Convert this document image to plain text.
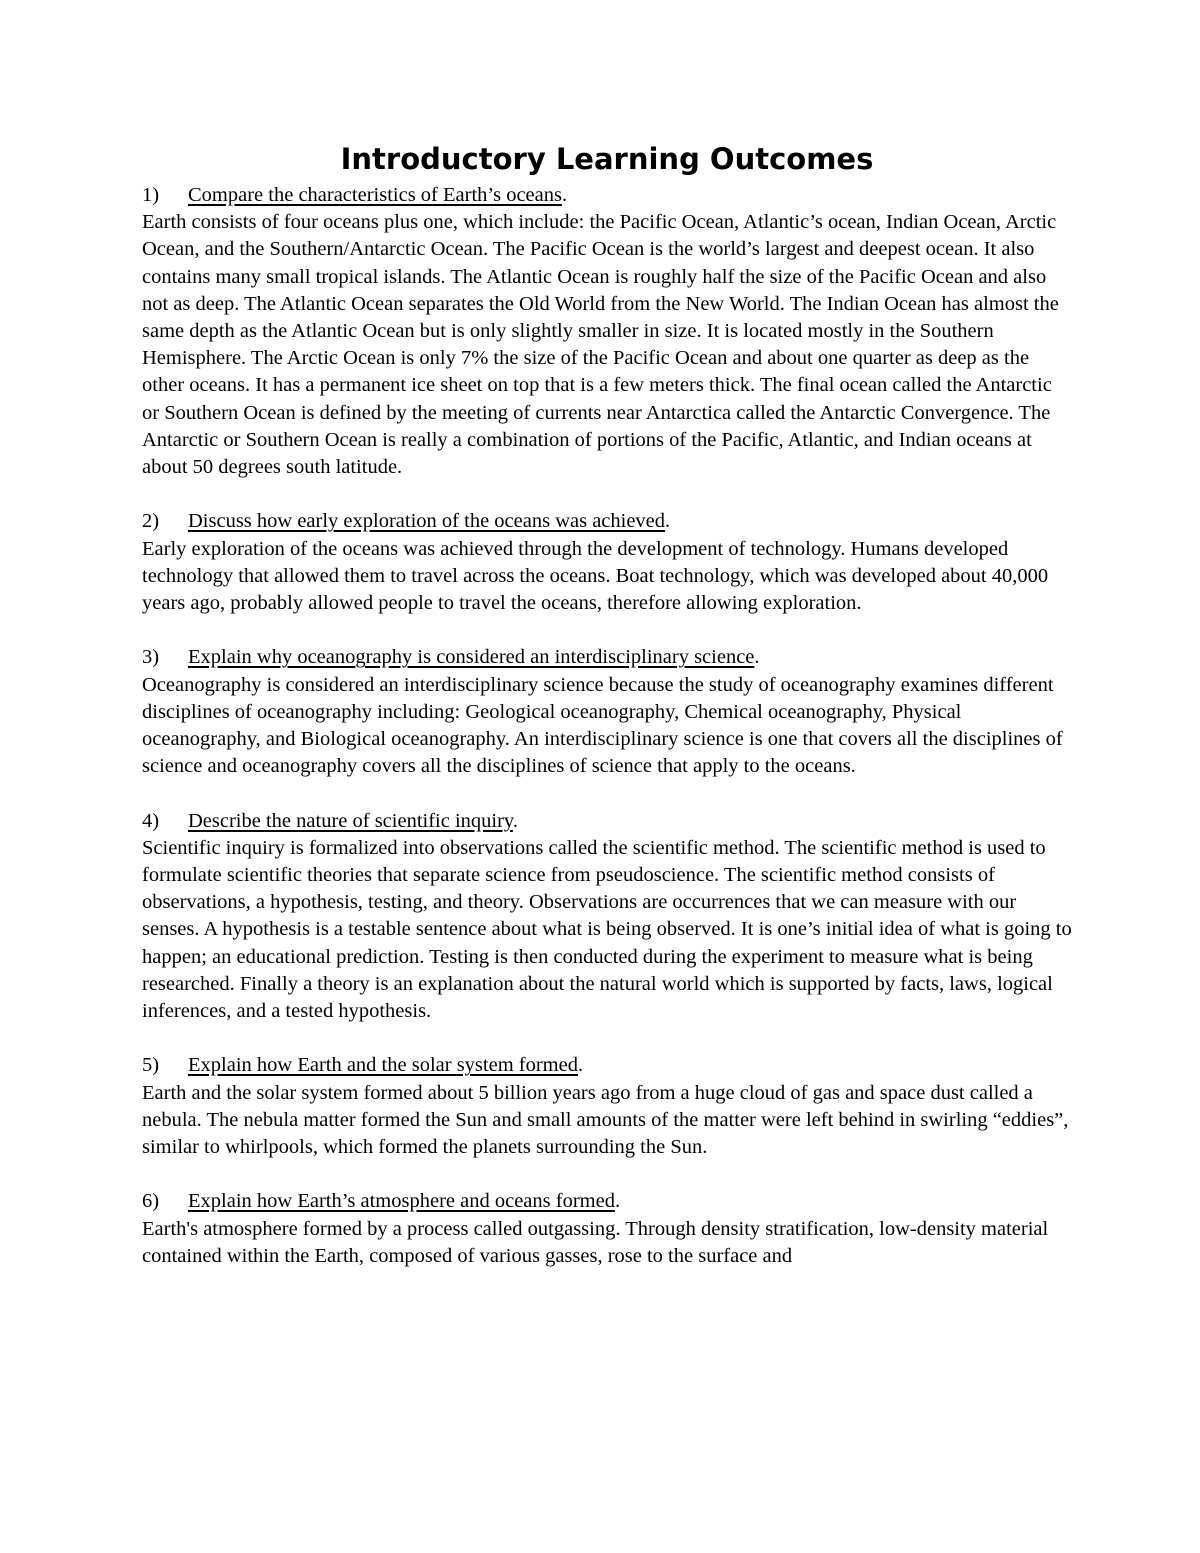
Introductory Learning Outcomes

1) Compare the characteristics of Earth’s oceans.

Earth consists of four oceans plus one, which include: the Pacific Ocean, Atlantic’s ocean, Indian Ocean, Arctic Ocean, and the Southern/Antarctic Ocean. The Pacific Ocean is the world’s largest and deepest ocean. It also contains many small tropical islands. The Atlantic Ocean is roughly half the size of the Pacific Ocean and also not as deep. The Atlantic Ocean separates the Old World from the New World. The Indian Ocean has almost the same depth as the Atlantic Ocean but is only slightly smaller in size. It is located mostly in the Southern Hemisphere. The Arctic Ocean is only 7% the size of the Pacific Ocean and about one quarter as deep as the other oceans. It has a permanent ice sheet on top that is a few meters thick. The final ocean called the Antarctic or Southern Ocean is defined by the meeting of currents near Antarctica called the Antarctic Convergence. The Antarctic or Southern Ocean is really a combination of portions of the Pacific, Atlantic, and Indian oceans at about 50 degrees south latitude.

2) Discuss how early exploration of the oceans was achieved.

Early exploration of the oceans was achieved through the development of technology. Humans developed technology that allowed them to travel across the oceans. Boat technology, which was developed about 40,000 years ago, probably allowed people to travel the oceans, therefore allowing exploration.

3) Explain why oceanography is considered an interdisciplinary science.

Oceanography is considered an interdisciplinary science because the study of oceanography examines different disciplines of oceanography including: Geological oceanography, Chemical oceanography, Physical oceanography, and Biological oceanography. An interdisciplinary science is one that covers all the disciplines of science and oceanography covers all the disciplines of science that apply to the oceans.

4) Describe the nature of scientific inquiry.

Scientific inquiry is formalized into observations called the scientific method. The scientific method is used to formulate scientific theories that separate science from pseudoscience. The scientific method consists of observations, a hypothesis, testing, and theory. Observations are occurrences that we can measure with our senses. A hypothesis is a testable sentence about what is being observed. It is one’s initial idea of what is going to happen; an educational prediction. Testing is then conducted during the experiment to measure what is being researched. Finally a theory is an explanation about the natural world which is supported by facts, laws, logical inferences, and a tested hypothesis.

5) Explain how Earth and the solar system formed.

Earth and the solar system formed about 5 billion years ago from a huge cloud of gas and space dust called a nebula. The nebula matter formed the Sun and small amounts of the matter were left behind in swirling “eddies”, similar to whirlpools, which formed the planets surrounding the Sun.

6) Explain how Earth’s atmosphere and oceans formed.

Earth's atmosphere formed by a process called outgassing. Through density stratification, low-density material contained within the Earth, composed of various gasses, rose to the surface and
